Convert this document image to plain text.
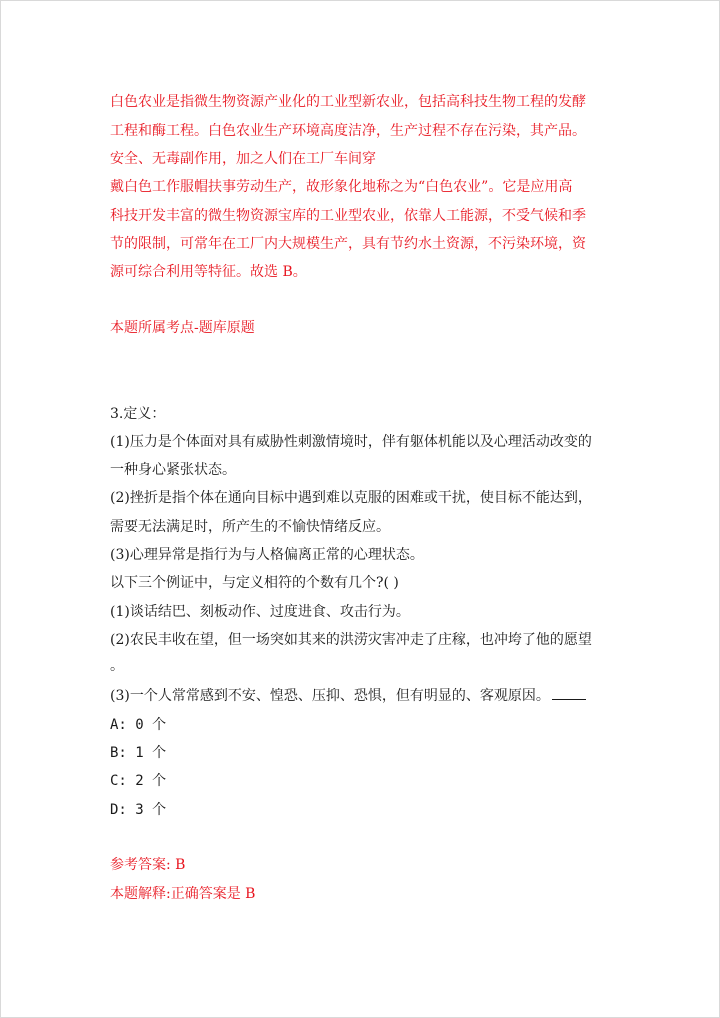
白色农业是指微生物资源产业化的工业型新农业，包括高科技生物工程的发酵
工程和酶工程。白色农业生产环境高度洁净，生产过程不存在污染，其产品。
安全、无毒副作用，加之人们在工厂车间穿
戴白色工作服帽扶事劳动生产，故形象化地称之为“白色农业”。它是应用高
科技开发丰富的微生物资源宝库的工业型农业，依靠人工能源，不受气候和季
节的限制，可常年在工厂内大规模生产，具有节约水土资源，不污染环境，资
源可综合利用等特征。故选 B。
本题所属考点-题库原题
3.定义：
(1)压力是个体面对具有威胁性刺激情境时，伴有躯体机能以及心理活动改变的
一种身心紧张状态。
(2)挫折是指个体在通向目标中遇到难以克服的困难或干扰，使目标不能达到，
需要无法满足时，所产生的不愉快情绪反应。
(3)心理异常是指行为与人格偏离正常的心理状态。
以下三个例证中，与定义相符的个数有几个?( )
(1)谈话结巴、刻板动作、过度进食、攻击行为。
(2)农民丰收在望，但一场突如其来的洪涝灾害冲走了庄稼，也冲垮了他的愿望
。
(3)一个人常常感到不安、惶恐、压抑、恐惧，但有明显的、客观原因。
A: 0 个
B: 1 个
C: 2 个
D: 3 个
参考答案: B
本题解释:正确答案是 B
